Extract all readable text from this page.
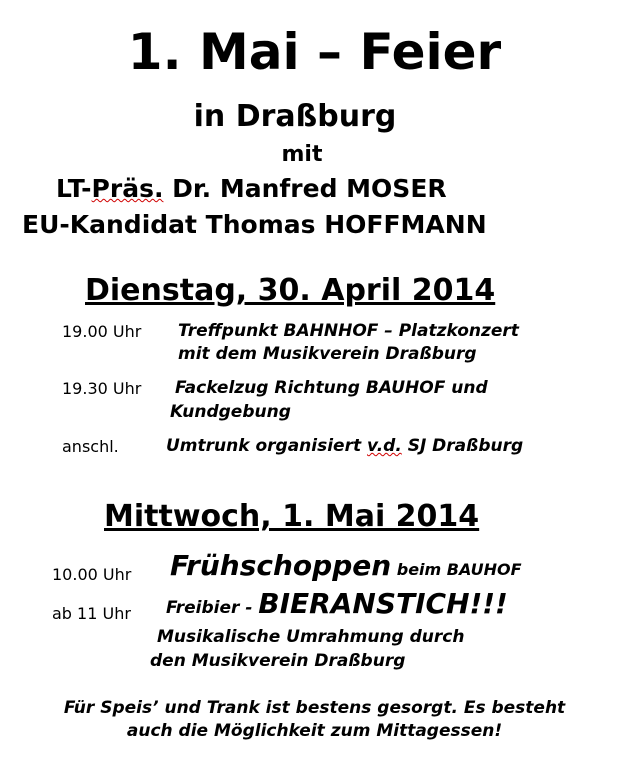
1. Mai – Feier
in Draßburg
mit
LT-Präs. Dr. Manfred MOSER
EU-Kandidat Thomas HOFFMANN
Dienstag, 30. April 2014
19.00 Uhr Treffpunkt BAHNHOF – Platzkonzert
mit dem Musikverein Draßburg
19.30 Uhr Fackelzug Richtung BAUHOF und
Kundgebung
anschl.	Umtrunk organisiert v.d. SJ Draßburg
Mittwoch, 1. Mai 2014
10.00 Uhr Frühschoppen beim BAUHOF
ab 11 Uhr Freibier - BIERANSTICH!!!
Musikalische Umrahmung durch
den Musikverein Draßburg
Für Speis’ und Trank ist bestens gesorgt. Es besteht
auch die Möglichkeit zum Mittagessen!
